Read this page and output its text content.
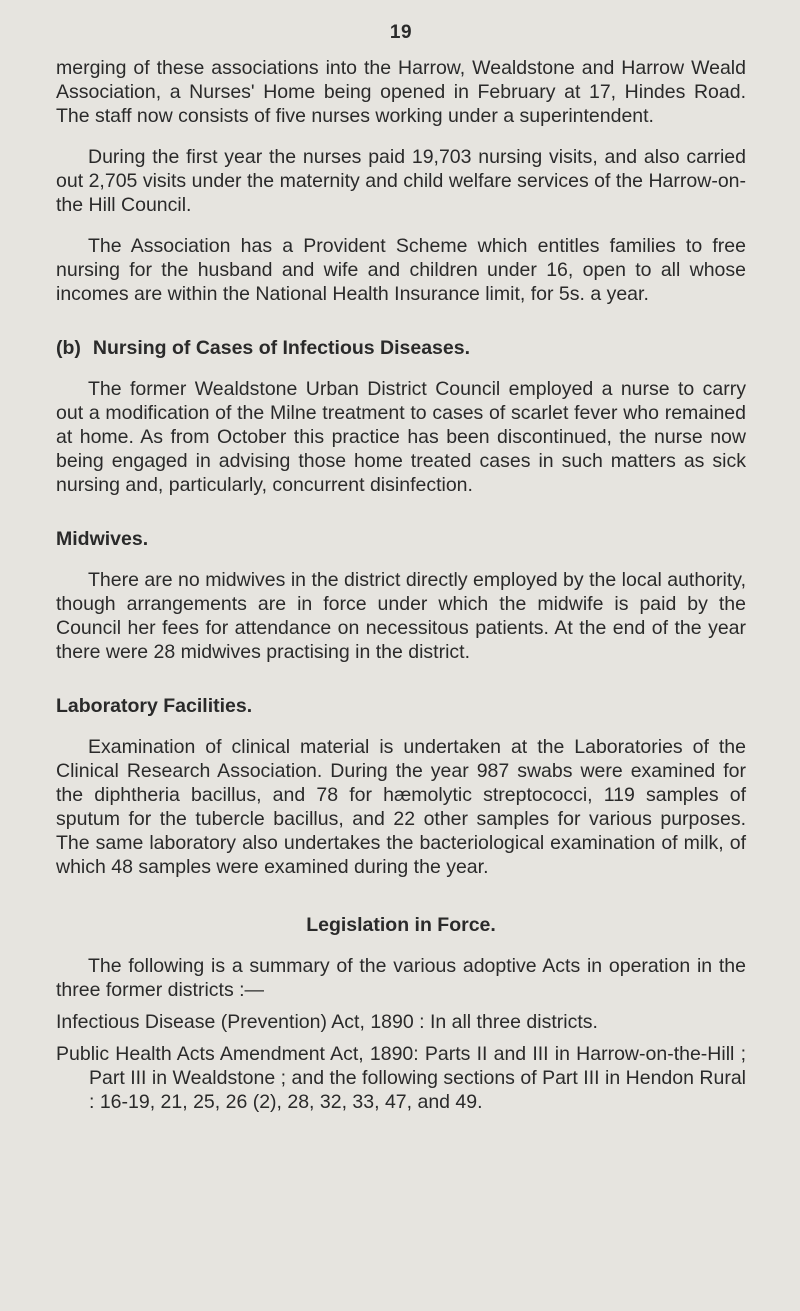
19

merging of these associations into the Harrow, Wealdstone and Harrow Weald Association, a Nurses' Home being opened in February at 17, Hindes Road. The staff now consists of five nurses working under a superintendent.

During the first year the nurses paid 19,703 nursing visits, and also carried out 2,705 visits under the maternity and child welfare services of the Harrow-on-the Hill Council.

The Association has a Provident Scheme which entitles families to free nursing for the husband and wife and children under 16, open to all whose incomes are within the National Health Insurance limit, for 5s. a year.

(b) Nursing of Cases of Infectious Diseases.

The former Wealdstone Urban District Council employed a nurse to carry out a modification of the Milne treatment to cases of scarlet fever who remained at home. As from October this practice has been discontinued, the nurse now being engaged in advising those home treated cases in such matters as sick nursing and, particularly, concurrent disinfection.

Midwives.

There are no midwives in the district directly employed by the local authority, though arrangements are in force under which the midwife is paid by the Council her fees for attendance on necessitous patients. At the end of the year there were 28 midwives practising in the district.

Laboratory Facilities.

Examination of clinical material is undertaken at the Laboratories of the Clinical Research Association. During the year 987 swabs were examined for the diphtheria bacillus, and 78 for hæmolytic streptococci, 119 samples of sputum for the tubercle bacillus, and 22 other samples for various purposes. The same laboratory also undertakes the bacteriological examination of milk, of which 48 samples were examined during the year.

Legislation in Force.

The following is a summary of the various adoptive Acts in operation in the three former districts :—

Infectious Disease (Prevention) Act, 1890 : In all three districts.

Public Health Acts Amendment Act, 1890: Parts II and III in Harrow-on-the-Hill ; Part III in Wealdstone ; and the following sections of Part III in Hendon Rural : 16-19, 21, 25, 26 (2), 28, 32, 33, 47, and 49.
